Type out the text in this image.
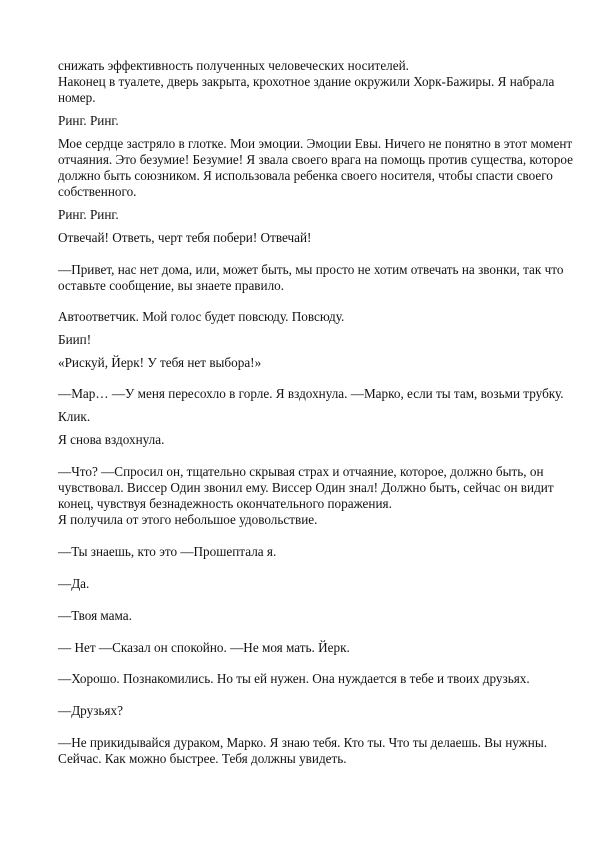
снижать эффективность полученных человеческих носителей.
Наконец в туалете, дверь закрыта, крохотное здание окружили Хорк-Бажиры. Я набрала
номер.
Ринг. Ринг.
Мое сердце застряло в глотке. Мои эмоции. Эмоции Евы. Ничего не понятно в этот момент
отчаяния. Это безумие! Безумие! Я звала своего врага на помощь против существа, которое
должно быть союзником. Я использовала ребенка своего носителя, чтобы спасти своего
собственного.
Ринг. Ринг.
Отвечай! Ответь, черт тебя побери! Отвечай!
—Привет, нас нет дома, или, может быть, мы просто не хотим отвечать на звонки, так что
оставьте сообщение, вы знаете правило.
Автоответчик. Мой голос будет повсюду. Повсюду.
Биип!
«Рискуй, Йерк! У тебя нет выбора!»
—Мар… —У меня пересохло в горле. Я вздохнула. —Марко, если ты там, возьми трубку.
Клик.
Я снова вздохнула.
—Что? —Спросил он, тщательно скрывая страх и отчаяние, которое, должно быть, он
чувствовал. Виссер Один звонил ему. Виссер Один знал! Должно быть, сейчас он видит
конец, чувствуя безнадежность окончательного поражения.
Я получила от этого небольшое удовольствие.
—Ты знаешь, кто это —Прошептала я.
—Да.
—Твоя мама.
— Нет —Сказал он спокойно. —Не моя мать. Йерк.
—Хорошо. Познакомились. Но ты ей нужен. Она нуждается в тебе и твоих друзьях.
—Друзьях?
—Не прикидывайся дураком, Марко. Я знаю тебя. Кто ты. Что ты делаешь. Вы нужны.
Сейчас. Как можно быстрее. Тебя должны увидеть.
